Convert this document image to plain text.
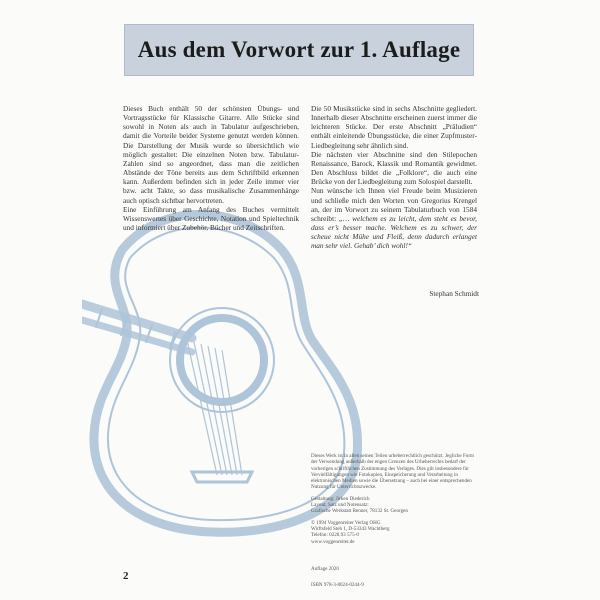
Aus dem Vorwort zur 1. Auflage

Dieses Buch enthält 50 der schönsten Übungs- und Vortragsstücke für Klassische Gitarre. Alle Stücke sind sowohl in Noten als auch in Tabulatur aufgeschrieben, damit die Vorteile beider Systeme genutzt werden können. Die Darstellung der Musik wurde so übersichtlich wie möglich gestaltet: Die einzelnen Noten bzw. Tabulatur-Zahlen sind so angeordnet, dass man die zeitlichen Abstände der Töne bereits aus dem Schriftbild erkennen kann. Außerdem befinden sich in jeder Zeile immer vier bzw. acht Takte, so dass musikalische Zusammenhänge auch optisch sichtbar hervortreten.

Eine Einführung am Anfang des Buches vermittelt Wissenswertes über Geschichte, Notation und Spieltechnik und informiert über Zubehör, Bücher und Zeitschriften.

Die 50 Musikstücke sind in sechs Abschnitte gegliedert. Innerhalb dieser Abschnitte erscheinen zuerst immer die leichteren Stücke. Der erste Abschnitt „Präludien“ enthält einleitende Übungsstücke, die einer Zupfmuster-Liedbegleitung sehr ähnlich sind.

Die nächsten vier Abschnitte sind den Stilepochen Renaissance, Barock, Klassik und Romantik gewidmet. Den Abschluss bildet die „Folklore“, die auch eine Brücke von der Liedbegleitung zum Solospiel darstellt.

Nun wünsche ich Ihnen viel Freude beim Musizieren und schließe mich den Worten von Gregorius Krengel an, der im Vorwort zu seinem Tabulaturbuch von 1584 schreibt: „… welchem es zu leicht, dem steht es bevor, dass er’s besser mache. Welchem es zu schwer, der scheue nicht Mühe und Fleiß, denn dadurch erlanget man sehr viel. Gehab’ dich wohl!“

Stephan Schmidt

Dieses Werk ist in allen seinen Teilen urheberrechtlich geschützt. Jegliche Form der Verwendung außerhalb der engen Grenzen des Urheberrechts bedarf der vorherigen schriftlichen Zustimmung des Verlages. Dies gilt insbesondere für Vervielfältigungen wie Fotokopien, Einspeicherung und Verarbeitung in elektronischen Medien sowie die Übersetzung – auch bei einer entsprechenden Nutzung für Unterrichtszwecke.

Gestaltung: Jirken Diederich
Layout, Satz und Notensatz:
Grafische Werkstatt Renner, 78132 St. Georgen

© 1994 Voggenreiter Verlag OHG
Wirftsfeld Steh 1, D-53343 Wachtberg
Telefon: 0228.93 575-0
www.voggenreiter.de

2
Auflage 2020
ISBN 978-3-8024-0244-9
